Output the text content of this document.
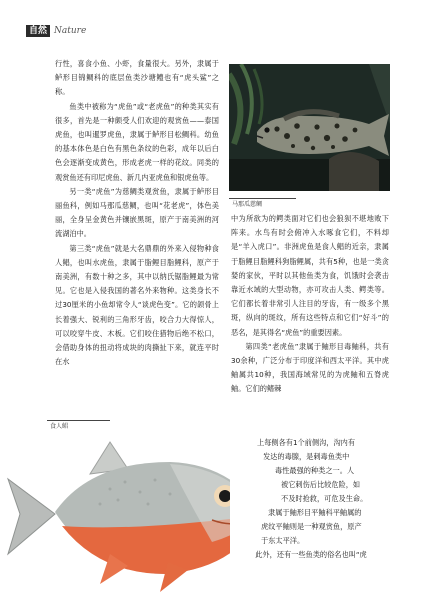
自然 Nature

行性，喜食小鱼、小虾，食量很大。另外，隶属于鲈形目锦鲷科的底层鱼类沙塘鳢也有“虎头鲨”之称。

鱼类中被称为“虎鱼”或“老虎鱼”的种类其实有很多，首先是一种颇受人们欢迎的观赏鱼——泰国虎鱼，也叫暹罗虎鱼，隶属于鲈形目松鲷科。幼鱼的基本体色是白色有黑色条纹的色彩，成年以后白色会逐渐变成黄色，形成老虎一样的花纹。同类的观赏鱼还有印尼虎鱼、新几内亚虎鱼和银虎鱼等。

另一类“虎鱼”为慈鲷类观赏鱼，隶属于鲈形目丽鱼科，例如马那瓜慈鲷，也叫“花老虎”，体色美丽，全身呈金黄色并镶嵌黑斑，原产于南美洲的河流湖泊中。

第三类“虎鱼”就是大名鼎鼎的外来入侵物种食人鲳，也叫水虎鱼，隶属于脂鲤目脂鲤科，原产于南美洲，有数十种之多，其中以纳氏锯脂鲤最为常见。它也是入侵我国的著名外来物种。这类身长不过30厘米的小鱼却常令人“谈虎色变”。它的颌骨上长着强大、锐利的三角形牙齿，咬合力大得惊人，可以咬穿牛皮、木板。它们咬住猎物后绝不松口，会借助身体的扭动将成块的肉撕扯下来，就连平时在水

马那瓜慈鲷

中为所欲为的鳄类面对它们也会狼狈不堪地败下阵来。水鸟有时会俯冲入水啄食它们，不料却是“羊入虎口”。非洲虎鱼是食人鲳的近亲，隶属于脂鲤目脂鲤科狗脂鲤属，共有5种，也是一类贪婪的家伙，平时以其他鱼类为食，饥饿时会袭击靠近水域的大型动物，亦可攻击人类、鳄类等。它们都长着非常引人注目的牙齿，有一级多个黑斑，纵向的斑纹，所有这些特点和它们“好斗”的恶名，是其得名“虎鱼”的重要因素。

第四类“老虎鱼”隶属于鲉形目毒鲉科，共有30余种，广泛分布于印度洋和西太平洋。其中虎鲉属共10种，我国海域常见的为虎鲉和五脊虎鲉。它们的鳍棘

上每侧各有1个前侧沟，沟内有
发达的毒腺，是刺毒鱼类中
毒性最强的种类之一。人
被它刺伤后比较危险，如
不及时抢救，可危及生命。
隶属于鲉形目平鲉科平鲉属的
虎纹平鲉则是一种观赏鱼，原产
于东太平洋。
此外，还有一些鱼类的俗名也叫“虎
食人鲳
